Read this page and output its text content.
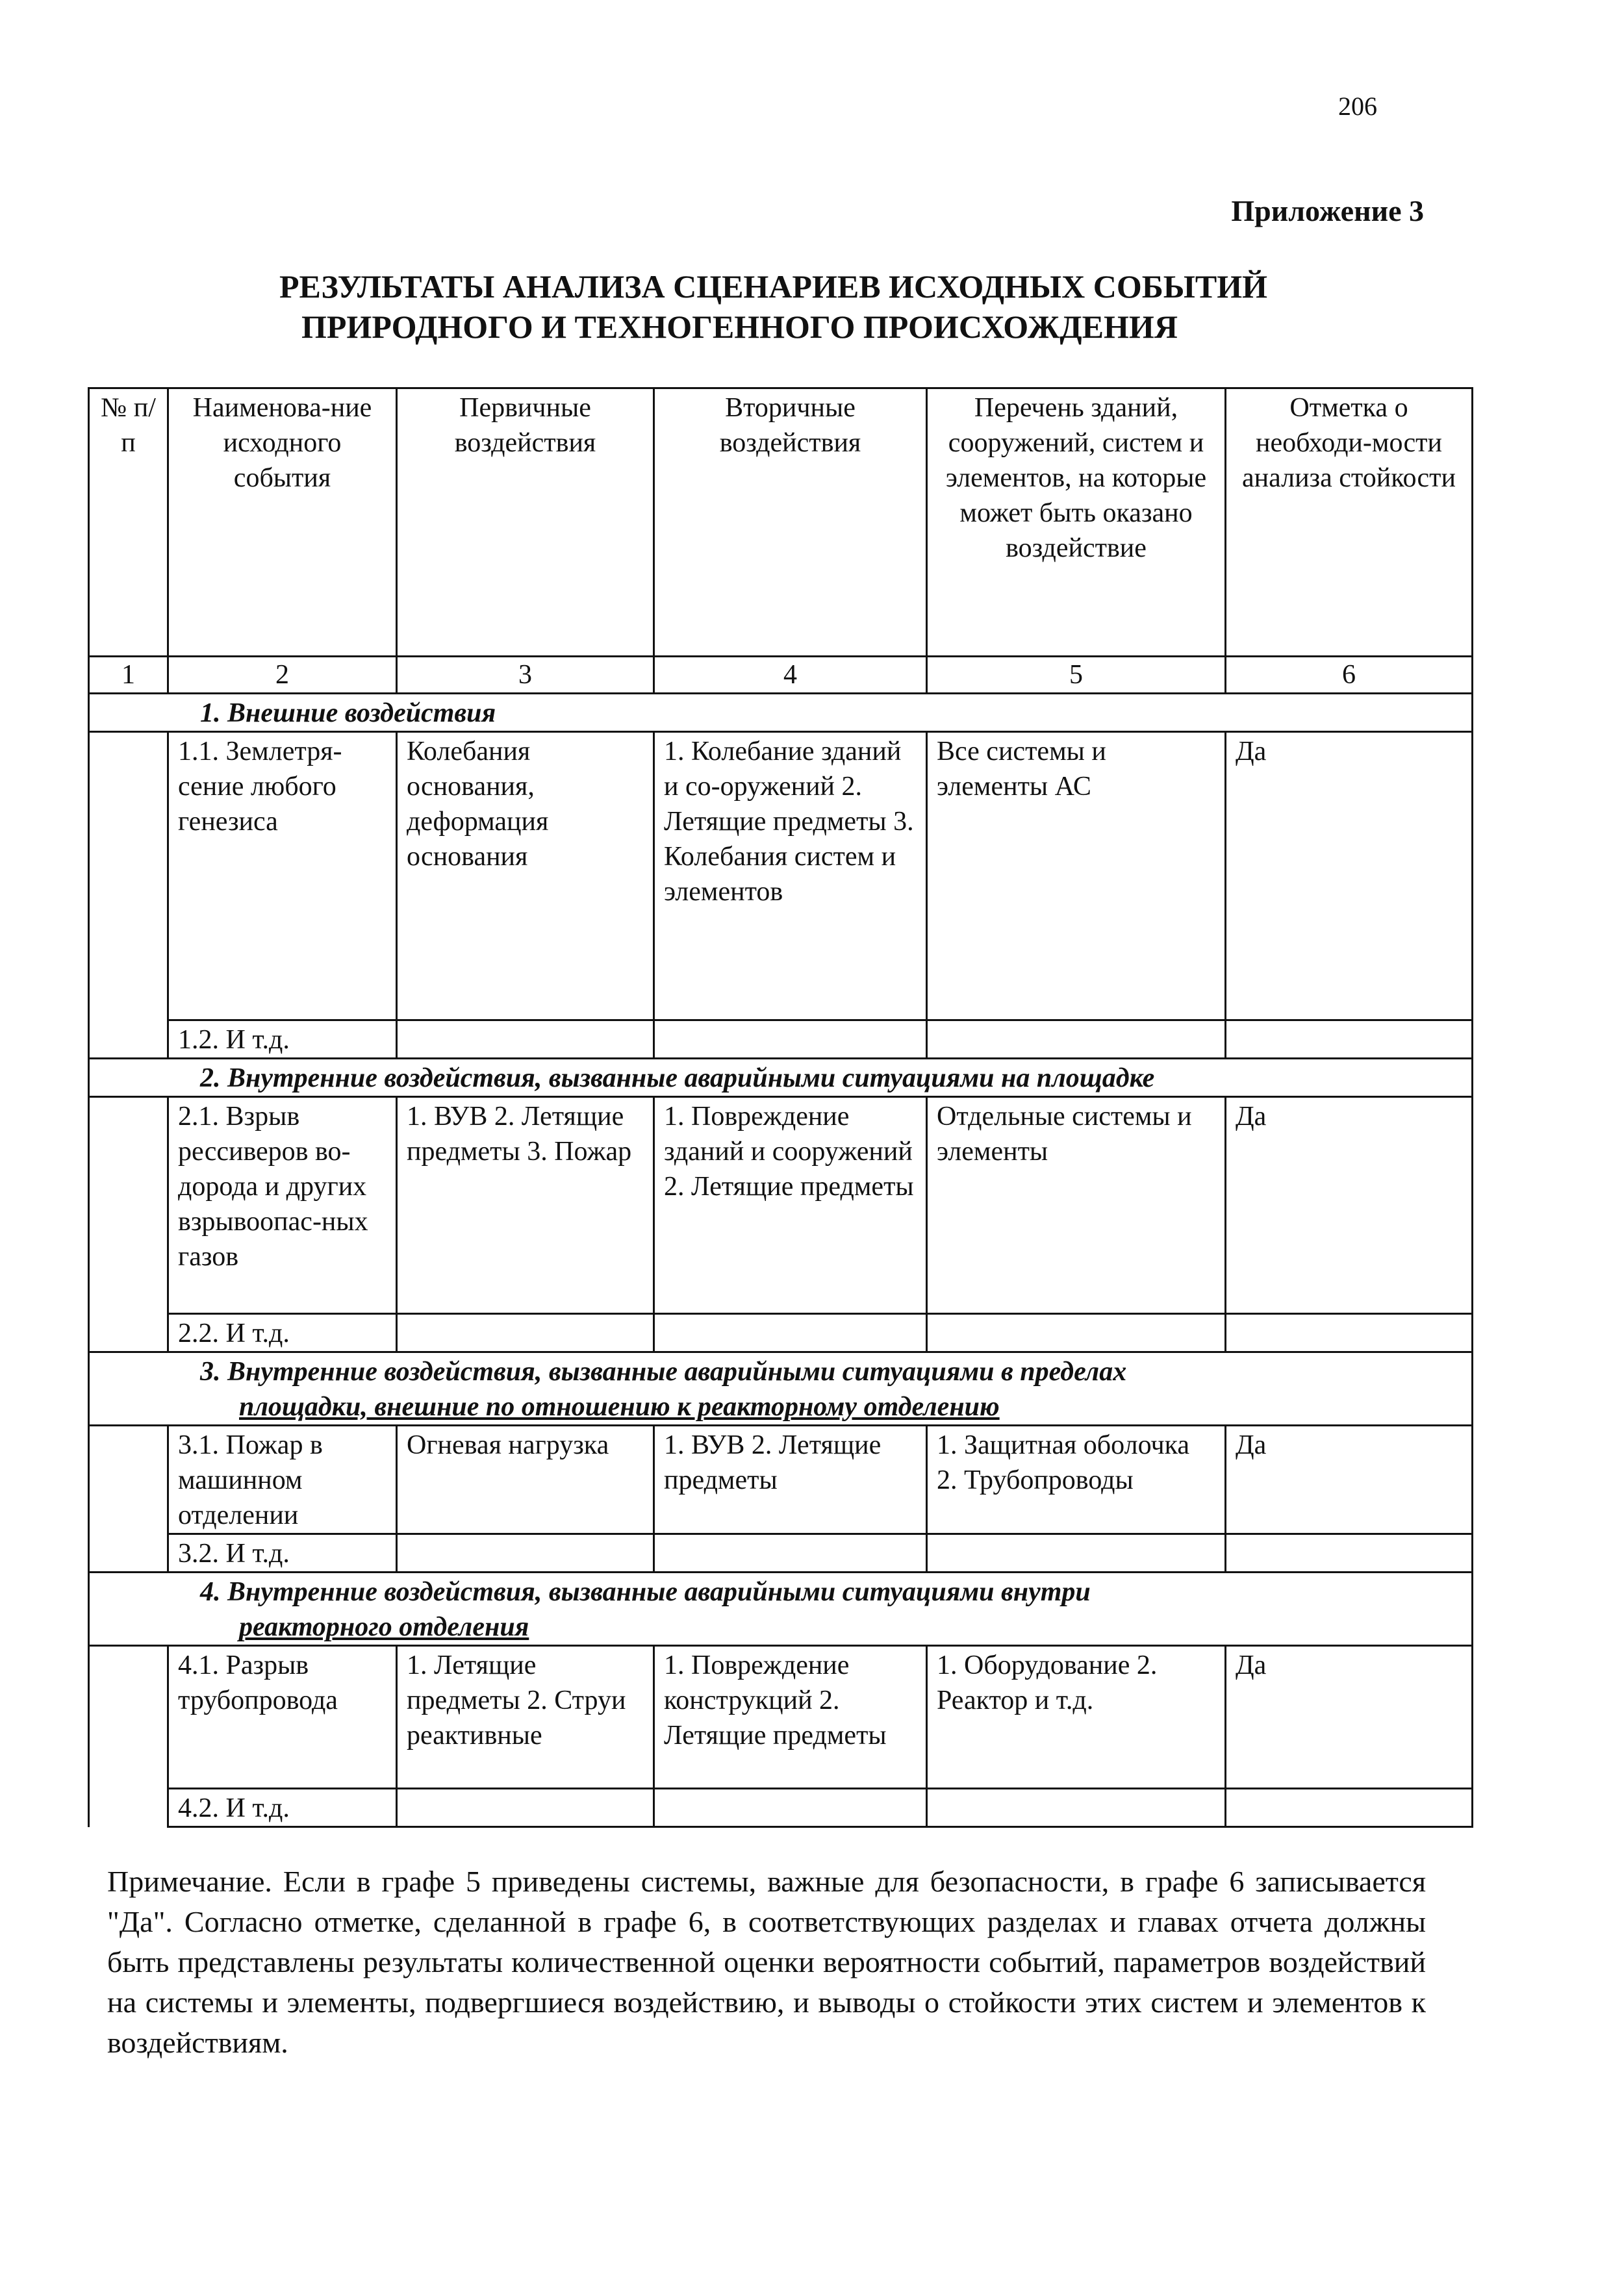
206
Приложение 3
РЕЗУЛЬТАТЫ АНАЛИЗА СЦЕНАРИЕВ ИСХОДНЫХ СОБЫТИЙ
ПРИРОДНОГО И ТЕХНОГЕННОГО ПРОИСХОЖДЕНИЯ
№ п/п	Наименова-ние исходного события	Первичные воздействия	Вторичные воздействия	Перечень зданий, сооружений, систем и элементов, на которые может быть оказано воздействие	Отметка о необходи-мости анализа стойкости
1	2	3	4	5	6
1. Внешние воздействия					
	1.1. Землетря-сение любого генезиса	Колебания основания, деформация основания	1. Колебание зданий и со-оружений 2. Летящие предметы 3. Колебания систем и элементов	Все системы и элементы АС	Да
	1.2. И т.д.				
2. Внутренние воздействия, вызванные аварийными ситуациями на площадке					
	2.1. Взрыв рессиверов во-дорода и других взрывоопас-ных газов	1. ВУВ 2. Летящие предметы 3. Пожар	1. Повреждение зданий и сооружений 2. Летящие предметы	Отдельные системы и элементы	Да
	2.2. И т.д.				
3. Внутренние воздействия, вызванные аварийными ситуациями в пределах
площадки, внешние по отношению к реакторному отделению					

	3.1. Пожар в машинном отделении	Огневая нагрузка	1. ВУВ 2. Летящие предметы	1. Защитная оболочка 2. Трубопроводы	Да
	3.2. И т.д.				
4. Внутренние воздействия, вызванные аварийными ситуациями внутри
реакторного отделения					

	4.1. Разрыв трубопровода	1. Летящие предметы 2. Струи реактивные	1. Повреждение конструкций 2. Летящие предметы	1. Оборудование 2. Реактор и т.д.	Да
	4.2. И т.д.				
Примечание. Если в графе 5 приведены системы, важные для безопасности, в графе 6 записывается "Да". Согласно отметке, сделанной в графе 6, в соответствующих разделах и главах отчета должны быть представлены результаты количественной оценки вероятности событий, параметров воздействий на системы и элементы, подвергшиеся воздействию, и выводы о стойкости этих систем и элементов к воздействиям.
